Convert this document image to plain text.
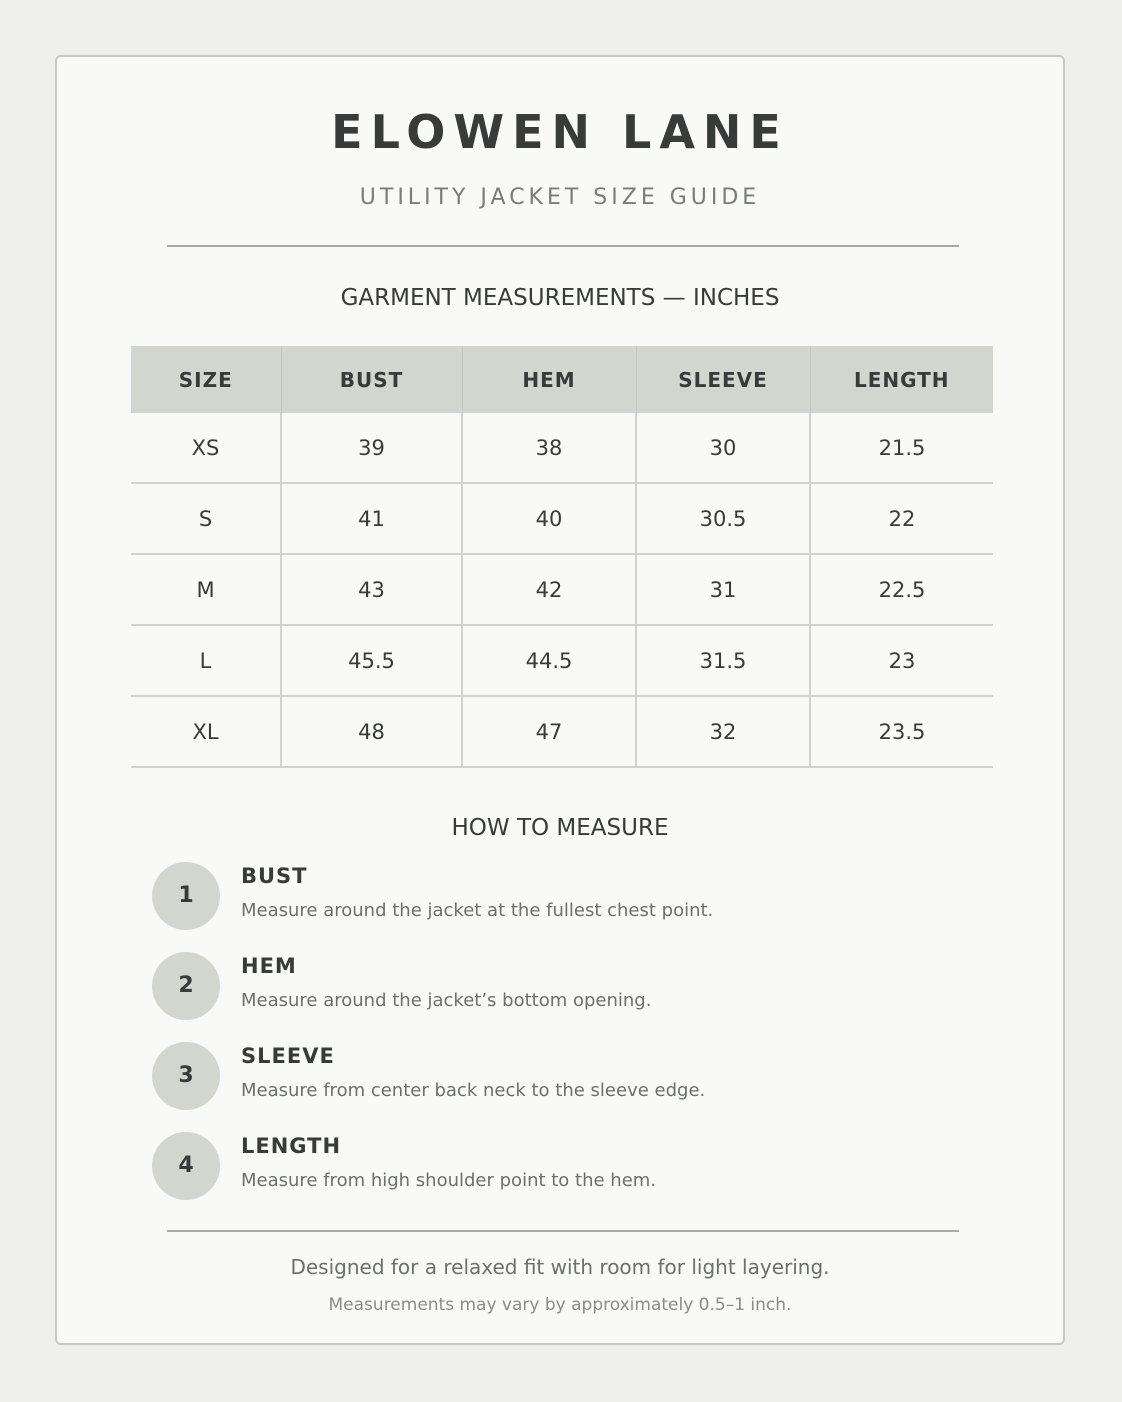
ELOWEN LANE
UTILITY JACKET SIZE GUIDE
GARMENT MEASUREMENTS — INCHES
SIZE	BUST	HEM	SLEEVE	LENGTH
XS	39	38	30	21.5
S	41	40	30.5	22
M	43	42	31	22.5
L	45.5	44.5	31.5	23
XL	48	47	32	23.5
HOW TO MEASURE
1
BUST
Measure around the jacket at the fullest chest point.
2
HEM
Measure around the jacket’s bottom opening.
3
SLEEVE
Measure from center back neck to the sleeve edge.
4
LENGTH
Measure from high shoulder point to the hem.
Designed for a relaxed fit with room for light layering.
Measurements may vary by approximately 0.5–1 inch.
